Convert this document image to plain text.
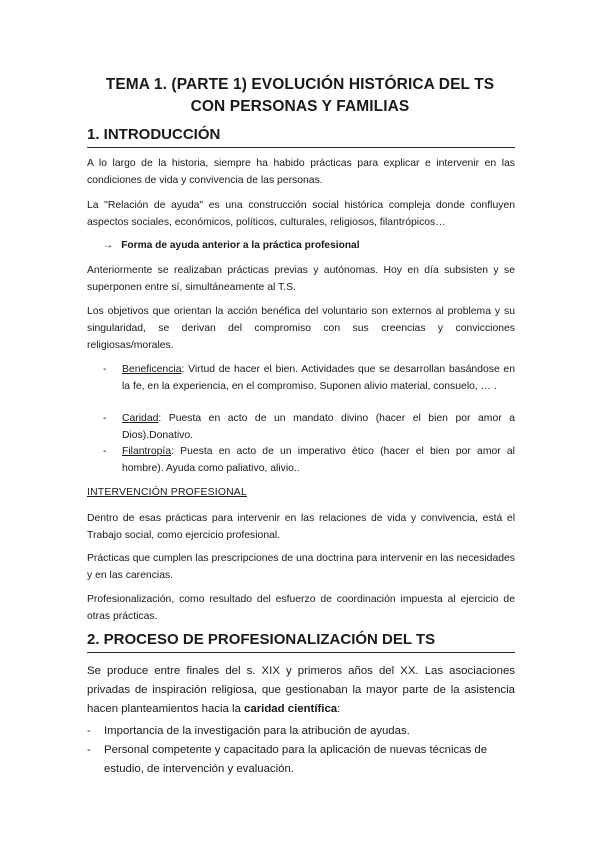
TEMA 1. (PARTE 1) EVOLUCIÓN HISTÓRICA DEL TS
CON PERSONAS Y FAMILIAS
1. INTRODUCCIÓN

A lo largo de la historia, siempre ha habido prácticas para explicar e intervenir en las condiciones de vida y convivencia de las personas.

La "Relación de ayuda" es una construcción social histórica compleja donde confluyen aspectos sociales, económicos, políticos, culturales, religiosos, filantrópicos…

→ Forma de ayuda anterior a la práctica profesional

Anteriormente se realizaban prácticas previas y autónomas. Hoy en día subsisten y se superponen entre sí, simultáneamente al T.S.

Los objetivos que orientan la acción benéfica del voluntario son externos al problema y su singularidad, se derivan del compromiso con sus creencias y convicciones religiosas/morales.

- Beneficencia: Virtud de hacer el bien. Actividades que se desarrollan basándose en la fe, en la experiencia, en el compromiso. Suponen alivio material, consuelo, … .
- Caridad: Puesta en acto de un mandato divino (hacer el bien por amor a Dios).Donativo.
- Filantropía: Puesta en acto de un imperativo ético (hacer el bien por amor al hombre). Ayuda como paliativo, alivio..
INTERVENCIÓN PROFESIONAL

Dentro de esas prácticas para intervenir en las relaciones de vida y convivencia, está el Trabajo social, como ejercicio profesional.

Prácticas que cumplen las prescripciones de una doctrina para intervenir en las necesidades y en las carencias.

Profesionalización, como resultado del esfuerzo de coordinación impuesta al ejercicio de otras prácticas.

2. PROCESO DE PROFESIONALIZACIÓN DEL TS

Se produce entre finales del s. XIX y primeros años del XX. Las asociaciones privadas de inspiración religiosa, que gestionaban la mayor parte de la asistencia hacen planteamientos hacia la caridad científica:

- Importancia de la investigación para la atribución de ayudas.
- Personal competente y capacitado para la aplicación de nuevas técnicas de estudio, de intervención y evaluación.
